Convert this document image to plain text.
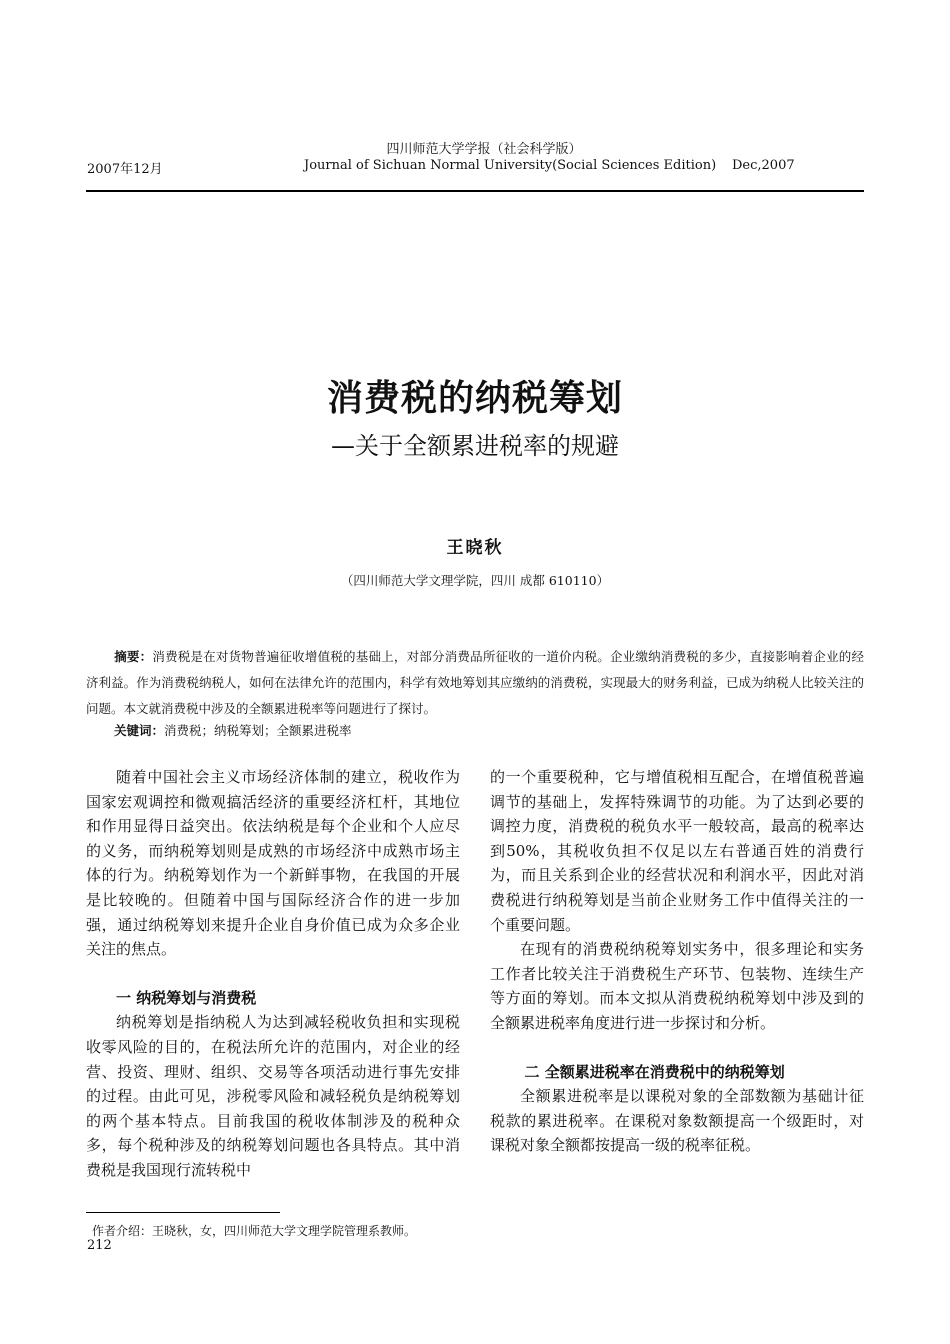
四川师范大学学报（社会科学版）
2007年12月	Journal of Sichuan Normal University(Social Sciences Edition) Dec,2007
消费税的纳税筹划
—关于全额累进税率的规避
王晓秋
（四川师范大学文理学院，四川 成都 610110）
摘要：消费税是在对货物普遍征收增值税的基础上，对部分消费品所征收的一道价内税。企业缴纳消费税的多少，直接影响着企业的经济利益。作为消费税纳税人，如何在法律允许的范围内，科学有效地筹划其应缴纳的消费税，实现最大的财务利益，已成为纳税人比较关注的问题。本文就消费税中涉及的全额累进税率等问题进行了探讨。
关键词：消费税；纳税筹划；全额累进税率

随着中国社会主义市场经济体制的建立，税收作为国家宏观调控和微观搞活经济的重要经济杠杆，其地位和作用显得日益突出。依法纳税是每个企业和个人应尽的义务，而纳税筹划则是成熟的市场经济中成熟市场主体的行为。纳税筹划作为一个新鲜事物，在我国的开展是比较晚的。但随着中国与国际经济合作的进一步加强，通过纳税筹划来提升企业自身价值已成为众多企业关注的焦点。

一 纳税筹划与消费税

纳税筹划是指纳税人为达到减轻税收负担和实现税收零风险的目的，在税法所允许的范围内，对企业的经营、投资、理财、组织、交易等各项活动进行事先安排的过程。由此可见，涉税零风险和减轻税负是纳税筹划的两个基本特点。目前我国的税收体制涉及的税种众多，每个税种涉及的纳税筹划问题也各具特点。其中消费税是我国现行流转税中

的一个重要税种，它与增值税相互配合，在增值税普遍调节的基础上，发挥特殊调节的功能。为了达到必要的调控力度，消费税的税负水平一般较高，最高的税率达到50%，其税收负担不仅足以左右普通百姓的消费行为，而且关系到企业的经营状况和利润水平，因此对消费税进行纳税筹划是当前企业财务工作中值得关注的一个重要问题。

在现有的消费税纳税筹划实务中，很多理论和实务工作者比较关注于消费税生产环节、包装物、连续生产等方面的筹划。而本文拟从消费税纳税筹划中涉及到的全额累进税率角度进行进一步探讨和分析。

二 全额累进税率在消费税中的纳税筹划

全额累进税率是以课税对象的全部数额为基础计征税款的累进税率。在课税对象数额提高一个级距时，对课税对象全额都按提高一级的税率征税。

作者介绍：王晓秋，女，四川师范大学文理学院管理系教师。
212
